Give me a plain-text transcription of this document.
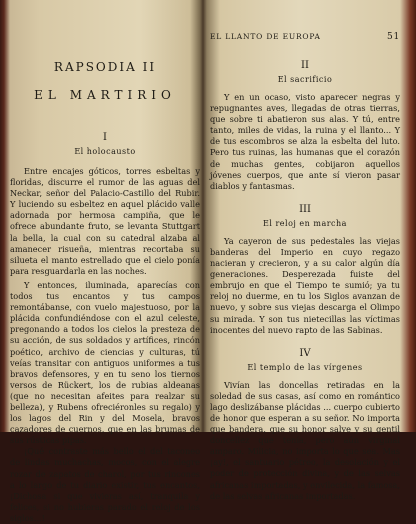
RAPSODIA II

EL MARTIRIO

I

El holocausto

Entre encajes góticos, torres esbeltas y floridas, discurre el rumor de las aguas del Neckar, señor del Palacio-Castillo del Rubir. Y luciendo su esbeltez en aquel plácido valle adornada por hermosa campiña, que le ofrece abundante fruto, se levanta Stuttgart la bella, la cual con su catedral alzaba al amanecer risueña, mientras recortaba su silueta el manto estrellado que el cielo ponía para resguardarla en las noches.

Y entonces, iluminada, aparecías con todos tus encantos y tus campos remontábanse, con vuelo majestuoso, por la plácida confundiéndose con el azul celeste, pregonando a todos los cielos la presteza de su acción, de sus soldados y artífices, rincón poético, archivo de ciencias y culturas, tú veías transitar con antiguos uniformes a tus bravos defensores, y en tu seno los tiernos versos de Rückert, los de rubias aldeanas (que no necesitan afeites para realzar su belleza), y Rubens ofreciéronles su regalo) y los lagos del Rin y del Mosela, bravos cazadores de cuernos, que en las brumas de sus rústicas pipas.

¡Qué contraste más bello el del taconeo de lindas muchachas, mocos, con el alegre rozar de zapatos de charol, por tus rincones a lo largo de tu diario existir, tus encantos, ¡Dichosa si que vivieras así, tranquila y felices, si no hubieras parado el reloj de los siglos...!

EL LLANTO DE EUROPA	51

II

El sacrificio

Y en un ocaso, visto aparecer negras y repugnantes aves, llegadas de otras tierras, que sobre ti abatieron sus alas. Y tú, entre tanto, miles de vidas, la ruina y el llanto... Y de tus escombros se alza la esbelta del luto. Pero tus ruinas, las humanas que el corazón de muchas gentes, cobijaron aquellos jóvenes cuerpos, que ante sí vieron pasar diablos y fantasmas.

III

El reloj en marcha

Ya cayeron de sus pedestales las viejas banderas del Imperio en cuyo regazo nacieran y crecieron, y a su calor algún día generaciones. Desperezada fuiste del embrujo en que el Tiempo te sumió; ya tu reloj no duerme, en tu los Siglos avanzan de nuevo, y sobre sus viejas descarga el Olimpo su mirada. Y son tus nietecillas las víctimas inocentes del nuevo rapto de las Sabinas.

IV

El templo de las vírgenes

Vivían las doncellas retiradas en la soledad de sus casas, así como en romántico lago deslizábanse plácidas ... cuerpo cubierto de honor que esperan a su señor. No importa que bandera, que su honor salve y su gentil doncellez que tenía, pero aún virginal amparo. Milicia, no importa lo que sea. Mas ¡ay!, el santuario pétreo, la desolación y el poder de protección divina, y de las selvas africanas importadas, y envilecida, la famosa, de las selvas africanas importadas.
